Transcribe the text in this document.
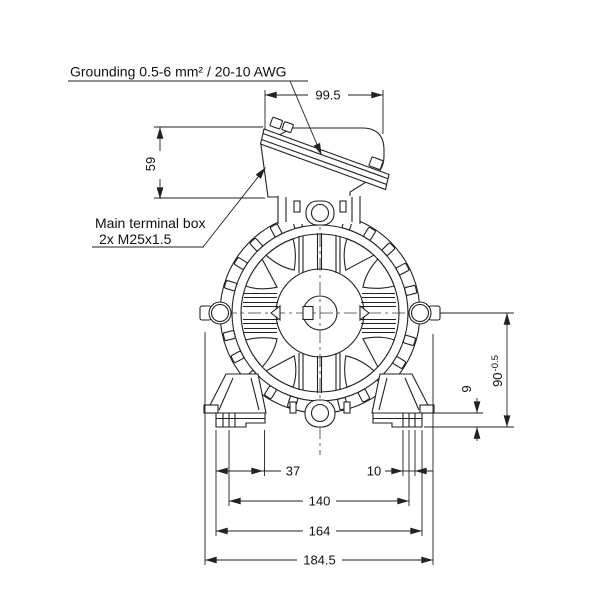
Grounding 0.5-6 mm² / 20-10 AWG
Main terminal box
2x M25x1.5
99.5
59
$90^{-0.5}$
9
37	10
140
164
184.5
